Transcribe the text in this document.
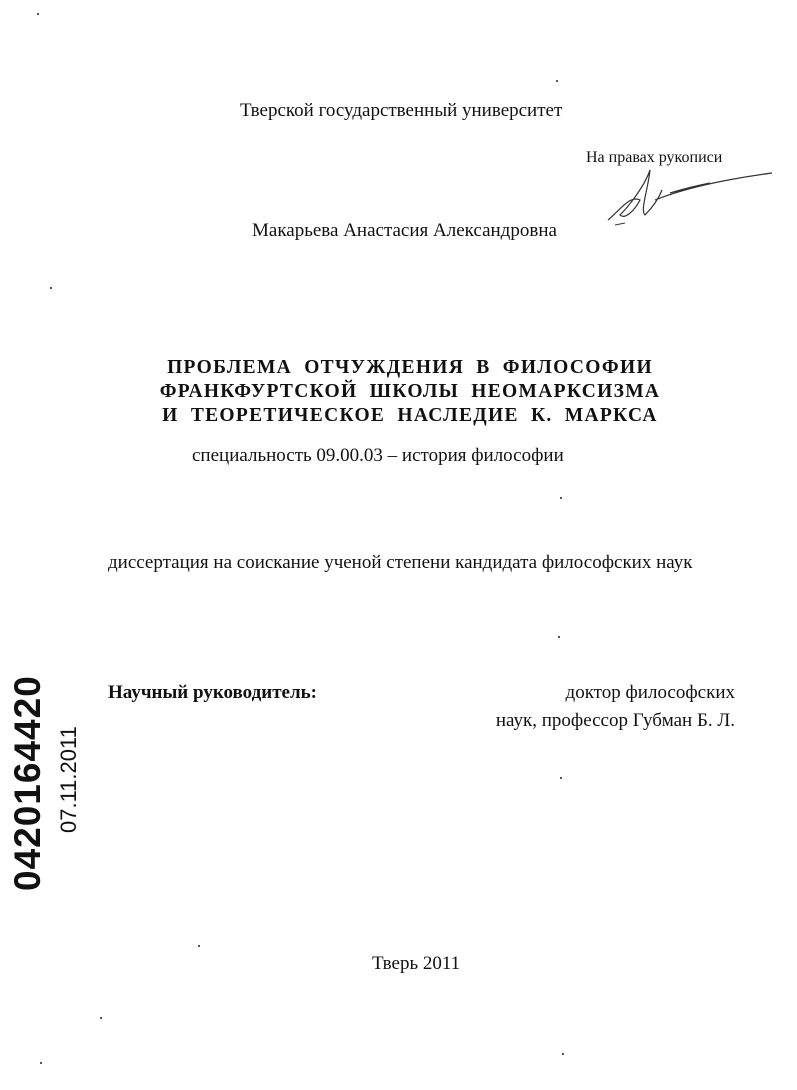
Тверской государственный университет
На правах рукописи
Макарьева Анастасия Александровна
ПРОБЛЕМА ОТЧУЖДЕНИЯ В ФИЛОСОФИИ
ФРАНКФУРТСКОЙ ШКОЛЫ НЕОМАРКСИЗМА
И ТЕОРЕТИЧЕСКОЕ НАСЛЕДИЕ К. МАРКСА
специальность 09.00.03 – история философии
диссертация на соискание ученой степени кандидата философских наук
Научный руководитель:	доктор философских
наук, профессор Губман Б. Л.
Тверь 2011
0420164420 07.11.2011
